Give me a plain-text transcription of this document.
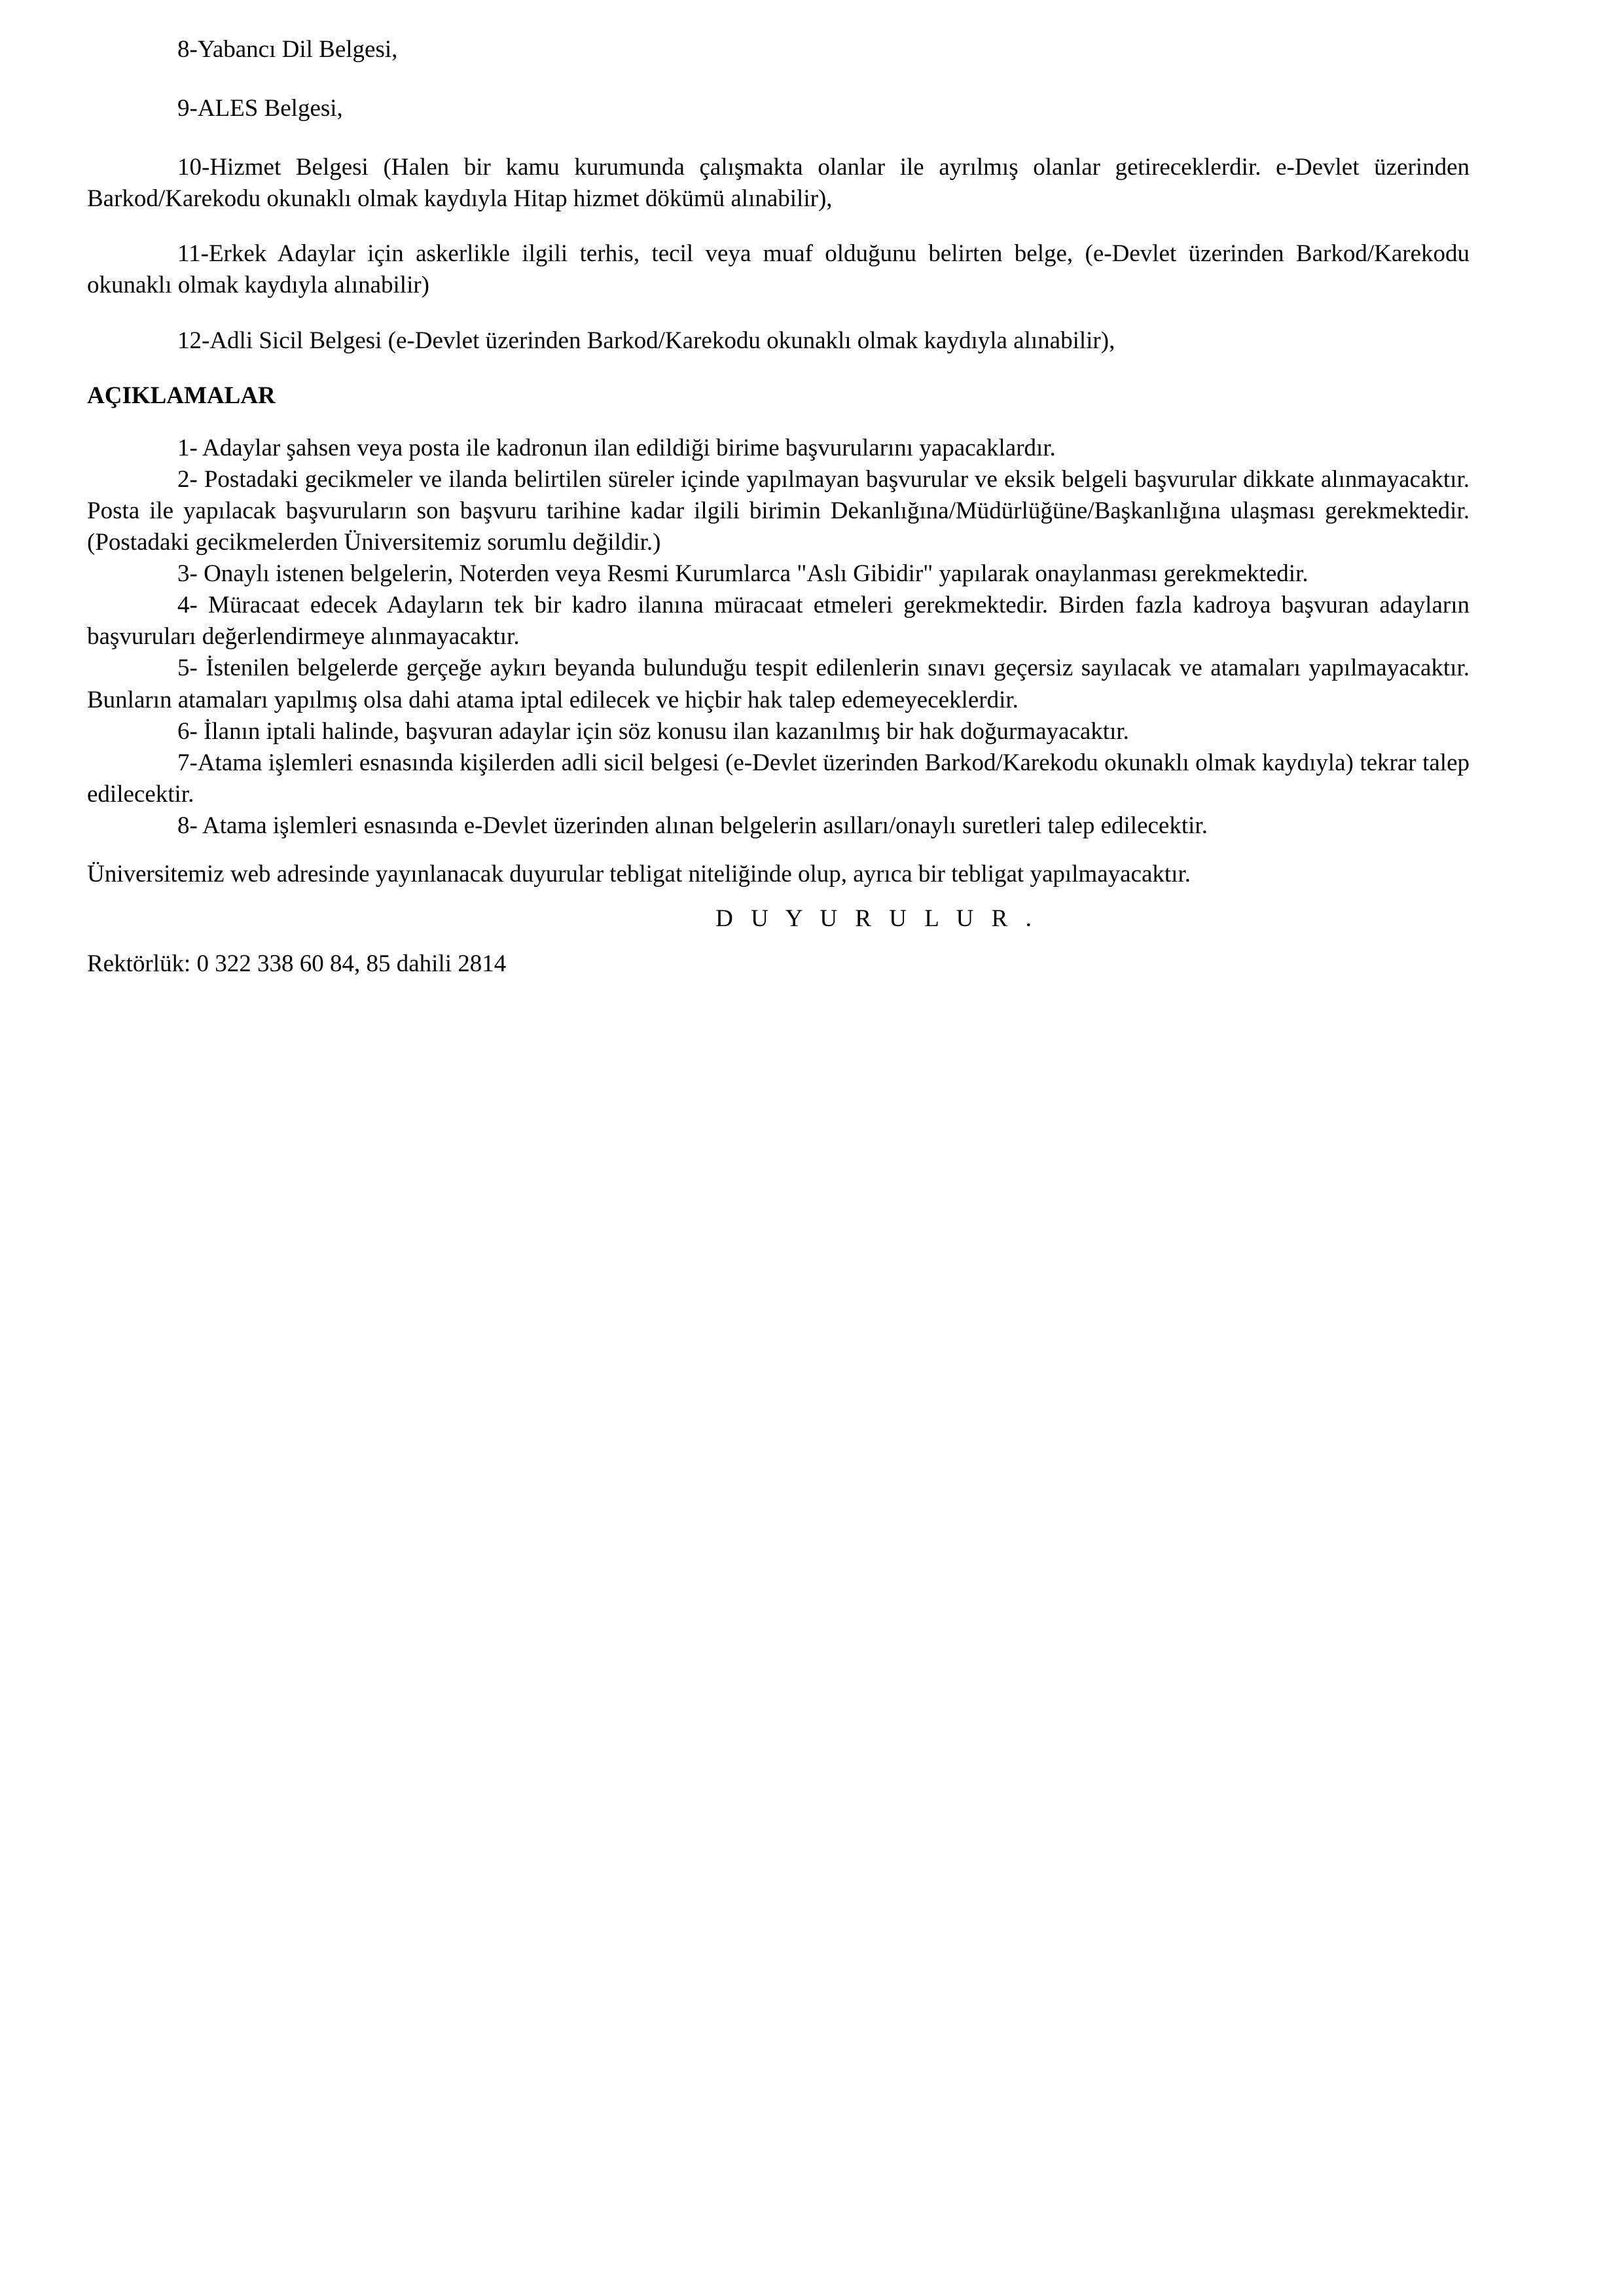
8-Yabancı Dil Belgesi,

9-ALES Belgesi,

10-Hizmet Belgesi (Halen bir kamu kurumunda çalışmakta olanlar ile ayrılmış olanlar getireceklerdir. e-Devlet üzerinden Barkod/Karekodu okunaklı olmak kaydıyla Hitap hizmet dökümü alınabilir),

11-Erkek Adaylar için askerlikle ilgili terhis, tecil veya muaf olduğunu belirten belge, (e-Devlet üzerinden Barkod/Karekodu okunaklı olmak kaydıyla alınabilir)

12-Adli Sicil Belgesi (e-Devlet üzerinden Barkod/Karekodu okunaklı olmak kaydıyla alınabilir),

AÇIKLAMALAR

1- Adaylar şahsen veya posta ile kadronun ilan edildiği birime başvurularını yapacaklardır.

2- Postadaki gecikmeler ve ilanda belirtilen süreler içinde yapılmayan başvurular ve eksik belgeli başvurular dikkate alınmayacaktır. Posta ile yapılacak başvuruların son başvuru tarihine kadar ilgili birimin Dekanlığına/Müdürlüğüne/Başkanlığına ulaşması gerekmektedir. (Postadaki gecikmelerden Üniversitemiz sorumlu değildir.)

3- Onaylı istenen belgelerin, Noterden veya Resmi Kurumlarca "Aslı Gibidir" yapılarak onaylanması gerekmektedir.

4- Müracaat edecek Adayların tek bir kadro ilanına müracaat etmeleri gerekmektedir. Birden fazla kadroya başvuran adayların başvuruları değerlendirmeye alınmayacaktır.

5- İstenilen belgelerde gerçeğe aykırı beyanda bulunduğu tespit edilenlerin sınavı geçersiz sayılacak ve atamaları yapılmayacaktır. Bunların atamaları yapılmış olsa dahi atama iptal edilecek ve hiçbir hak talep edemeyeceklerdir.

6- İlanın iptali halinde, başvuran adaylar için söz konusu ilan kazanılmış bir hak doğurmayacaktır.

7-Atama işlemleri esnasında kişilerden adli sicil belgesi (e-Devlet üzerinden Barkod/Karekodu okunaklı olmak kaydıyla) tekrar talep edilecektir.

8- Atama işlemleri esnasında e-Devlet üzerinden alınan belgelerin asılları/onaylı suretleri talep edilecektir.

Üniversitemiz web adresinde yayınlanacak duyurular tebligat niteliğinde olup, ayrıca bir tebligat yapılmayacaktır.

D U Y U R U L U R .

Rektörlük: 0 322 338 60 84, 85 dahili 2814
